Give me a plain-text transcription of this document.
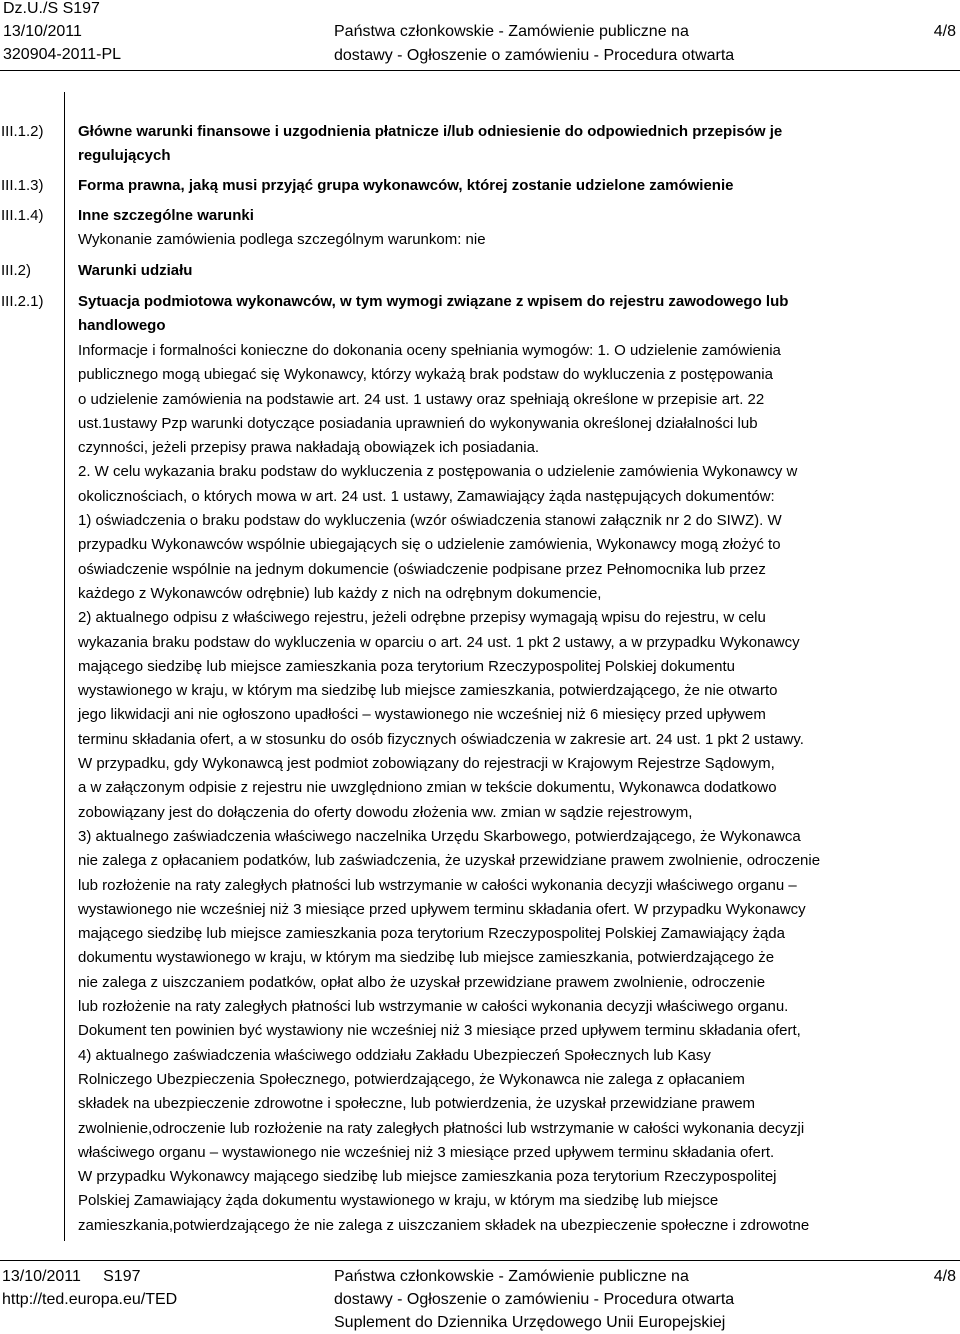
Dz.U./S S197
13/10/2011
320904-2011-PL
Państwa członkowskie - Zamówienie publiczne na
dostawy - Ogłoszenie o zamówieniu - Procedura otwarta
4/8
III.1.2)	Główne warunki finansowe i uzgodnienia płatnicze i/lub odniesienie do odpowiednich przepisów je
regulujących
III.1.3)	Forma prawna, jaką musi przyjąć grupa wykonawców, której zostanie udzielone zamówienie
III.1.4)	Inne szczególne warunki
Wykonanie zamówienia podlega szczególnym warunkom: nie
III.2)	Warunki udziału
III.2.1)	Sytuacja podmiotowa wykonawców, w tym wymogi związane z wpisem do rejestru zawodowego lub
handlowego
Informacje i formalności konieczne do dokonania oceny spełniania wymogów: 1. O udzielenie zamówienia
publicznego mogą ubiegać się Wykonawcy, którzy wykażą brak podstaw do wykluczenia z postępowania
o udzielenie zamówienia na podstawie art. 24 ust. 1 ustawy oraz spełniają określone w przepisie art. 22
ust.1ustawy Pzp warunki dotyczące posiadania uprawnień do wykonywania określonej działalności lub
czynności, jeżeli przepisy prawa nakładają obowiązek ich posiadania.
2. W celu wykazania braku podstaw do wykluczenia z postępowania o udzielenie zamówienia Wykonawcy w
okolicznościach, o których mowa w art. 24 ust. 1 ustawy, Zamawiający żąda następujących dokumentów:
1) oświadczenia o braku podstaw do wykluczenia (wzór oświadczenia stanowi załącznik nr 2 do SIWZ). W
przypadku Wykonawców wspólnie ubiegających się o udzielenie zamówienia, Wykonawcy mogą złożyć to
oświadczenie wspólnie na jednym dokumencie (oświadczenie podpisane przez Pełnomocnika lub przez
każdego z Wykonawców odrębnie) lub każdy z nich na odrębnym dokumencie,
2) aktualnego odpisu z właściwego rejestru, jeżeli odrębne przepisy wymagają wpisu do rejestru, w celu
wykazania braku podstaw do wykluczenia w oparciu o art. 24 ust. 1 pkt 2 ustawy, a w przypadku Wykonawcy
mającego siedzibę lub miejsce zamieszkania poza terytorium Rzeczypospolitej Polskiej dokumentu
wystawionego w kraju, w którym ma siedzibę lub miejsce zamieszkania, potwierdzającego, że nie otwarto
jego likwidacji ani nie ogłoszono upadłości – wystawionego nie wcześniej niż 6 miesięcy przed upływem
terminu składania ofert, a w stosunku do osób fizycznych oświadczenia w zakresie art. 24 ust. 1 pkt 2 ustawy.
W przypadku, gdy Wykonawcą jest podmiot zobowiązany do rejestracji w Krajowym Rejestrze Sądowym,
a w załączonym odpisie z rejestru nie uwzględniono zmian w tekście dokumentu, Wykonawca dodatkowo
zobowiązany jest do dołączenia do oferty dowodu złożenia ww. zmian w sądzie rejestrowym,
3) aktualnego zaświadczenia właściwego naczelnika Urzędu Skarbowego, potwierdzającego, że Wykonawca
nie zalega z opłacaniem podatków, lub zaświadczenia, że uzyskał przewidziane prawem zwolnienie, odroczenie
lub rozłożenie na raty zaległych płatności lub wstrzymanie w całości wykonania decyzji właściwego organu –
wystawionego nie wcześniej niż 3 miesiące przed upływem terminu składania ofert. W przypadku Wykonawcy
mającego siedzibę lub miejsce zamieszkania poza terytorium Rzeczypospolitej Polskiej Zamawiający żąda
dokumentu wystawionego w kraju, w którym ma siedzibę lub miejsce zamieszkania, potwierdzającego że
nie zalega z uiszczaniem podatków, opłat albo że uzyskał przewidziane prawem zwolnienie, odroczenie
lub rozłożenie na raty zaległych płatności lub wstrzymanie w całości wykonania decyzji właściwego organu.
Dokument ten powinien być wystawiony nie wcześniej niż 3 miesiące przed upływem terminu składania ofert,
4) aktualnego zaświadczenia właściwego oddziału Zakładu Ubezpieczeń Społecznych lub Kasy
Rolniczego Ubezpieczenia Społecznego, potwierdzającego, że Wykonawca nie zalega z opłacaniem
składek na ubezpieczenie zdrowotne i społeczne, lub potwierdzenia, że uzyskał przewidziane prawem
zwolnienie,odroczenie lub rozłożenie na raty zaległych płatności lub wstrzymanie w całości wykonania decyzji
właściwego organu – wystawionego nie wcześniej niż 3 miesiące przed upływem terminu składania ofert.
W przypadku Wykonawcy mającego siedzibę lub miejsce zamieszkania poza terytorium Rzeczypospolitej
Polskiej Zamawiający żąda dokumentu wystawionego w kraju, w którym ma siedzibę lub miejsce
zamieszkania,potwierdzającego że nie zalega z uiszczaniem składek na ubezpieczenie społeczne i zdrowotne
13/10/2011 S197
http://ted.europa.eu/TED
Państwa członkowskie - Zamówienie publiczne na
dostawy - Ogłoszenie o zamówieniu - Procedura otwarta
Suplement do Dziennika Urzędowego Unii Europejskiej
4/8
